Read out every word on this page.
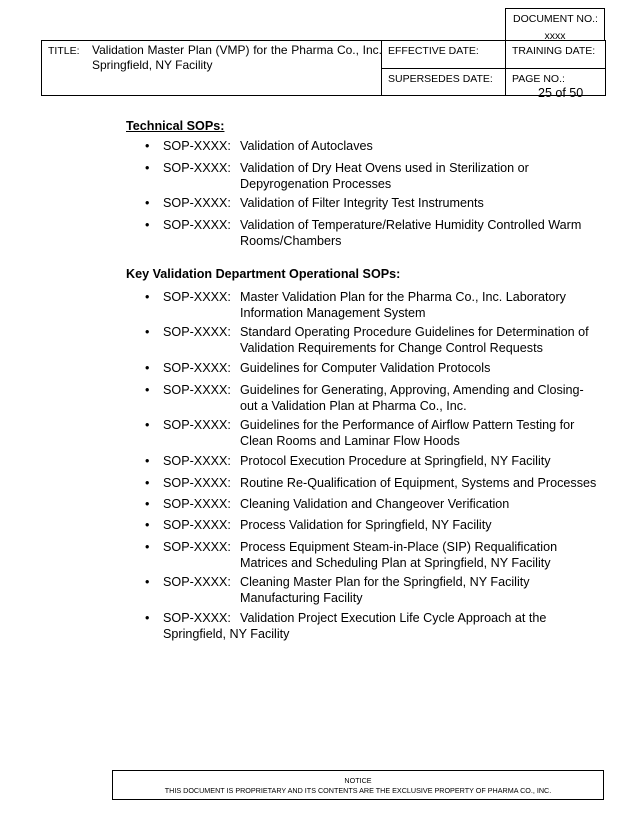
DOCUMENT NO.:
xxxx
TITLE: Validation Master Plan (VMP) for the Pharma Co., Inc. Springfield, NY Facility
EFFECTIVE DATE:	TRAINING DATE:
SUPERSEDES DATE: PAGE NO.:
25 of 50
Technical SOPs:
• SOP-XXXX: Validation of Autoclaves
• SOP-XXXX: Validation of Dry Heat Ovens used in Sterilization or
Depyrogenation Processes
• SOP-XXXX: Validation of Filter Integrity Test Instruments
• SOP-XXXX: Validation of Temperature/Relative Humidity Controlled Warm
Rooms/Chambers
Key Validation Department Operational SOPs:
• SOP-XXXX: Master Validation Plan for the Pharma Co., Inc. Laboratory
Information Management System
• SOP-XXXX: Standard Operating Procedure Guidelines for Determination of
Validation Requirements for Change Control Requests
• SOP-XXXX: Guidelines for Computer Validation Protocols
• SOP-XXXX: Guidelines for Generating, Approving, Amending and Closing-
out a Validation Plan at Pharma Co., Inc.
• SOP-XXXX: Guidelines for the Performance of Airflow Pattern Testing for
Clean Rooms and Laminar Flow Hoods
• SOP-XXXX: Protocol Execution Procedure at Springfield, NY Facility
• SOP-XXXX: Routine Re-Qualification of Equipment, Systems and Processes
• SOP-XXXX: Cleaning Validation and Changeover Verification
• SOP-XXXX: Process Validation for Springfield, NY Facility
• SOP-XXXX: Process Equipment Steam-in-Place (SIP) Requalification
Matrices and Scheduling Plan at Springfield, NY Facility
• SOP-XXXX: Cleaning Master Plan for the Springfield, NY Facility
Manufacturing Facility
• SOP-XXXX: Validation Project Execution Life Cycle Approach at the
Springfield, NY Facility
NOTICE
THIS DOCUMENT IS PROPRIETARY AND ITS CONTENTS ARE THE EXCLUSIVE PROPERTY OF PHARMA CO., INC.
